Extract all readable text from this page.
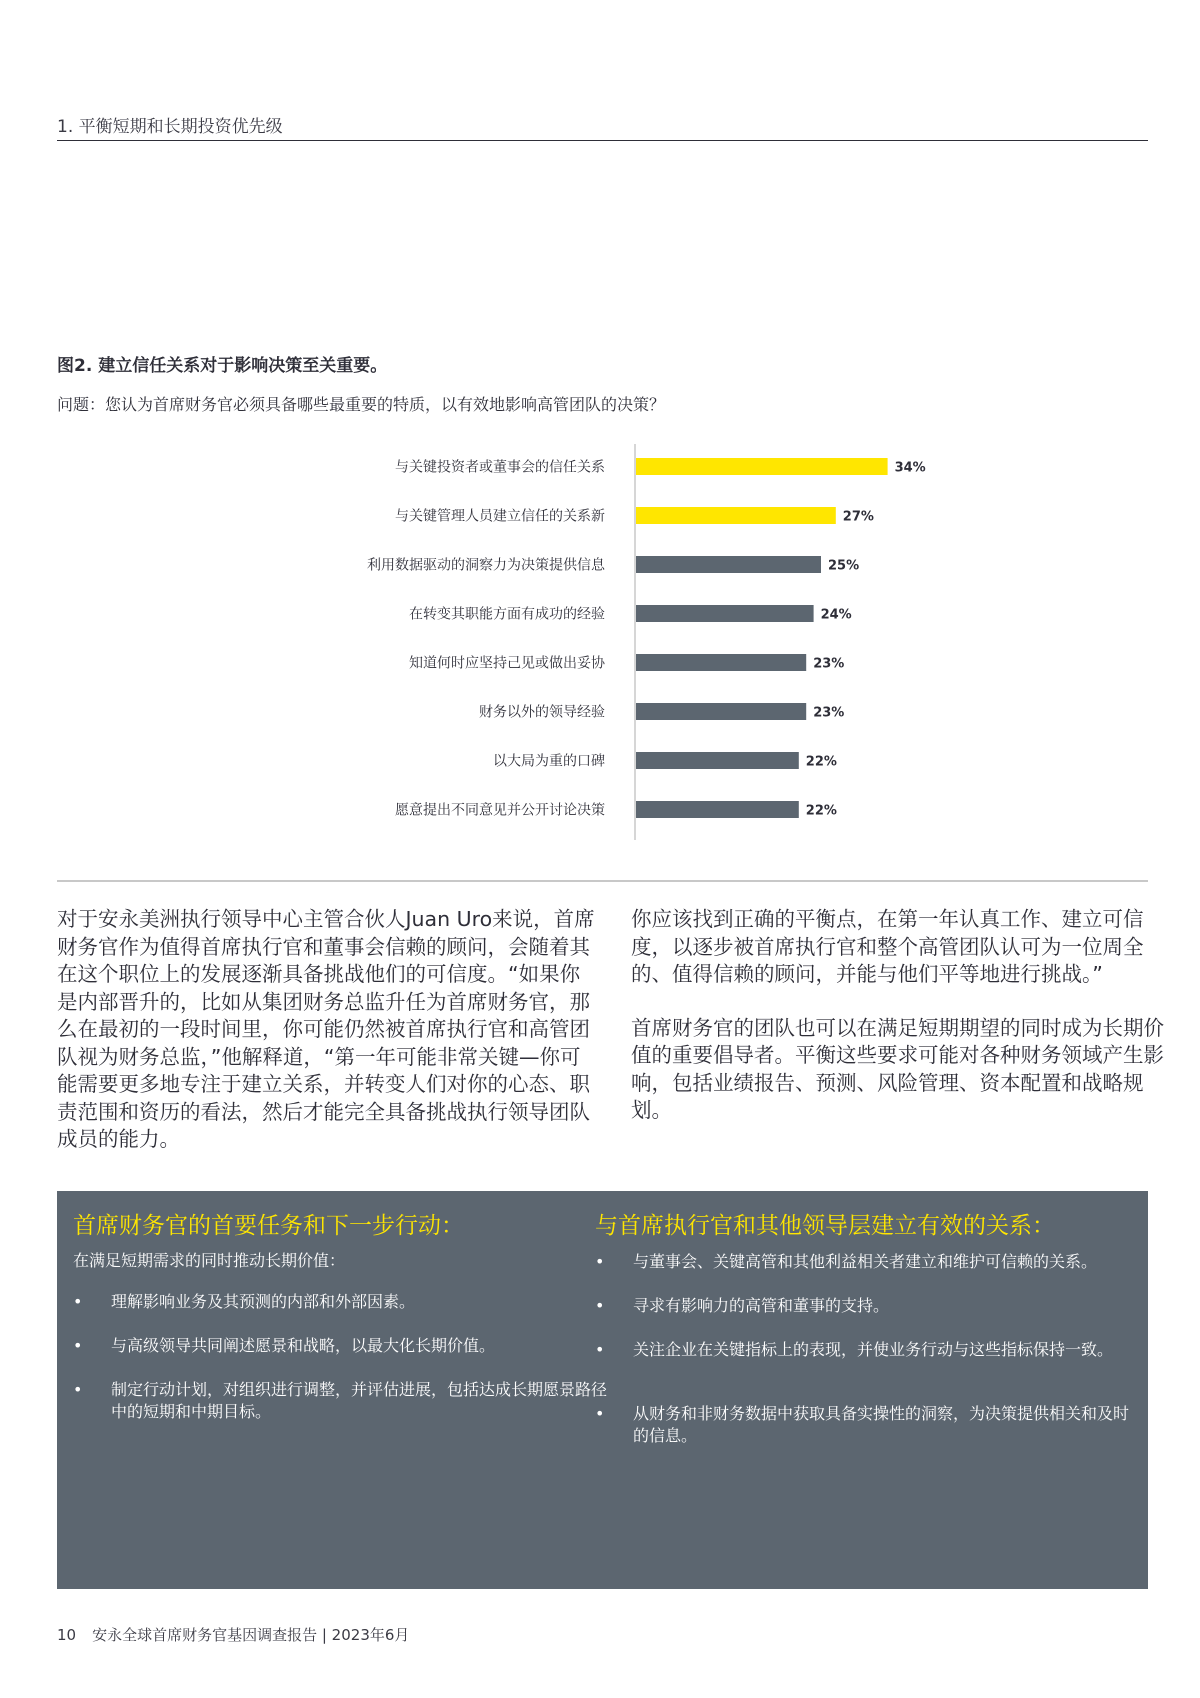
1. 平衡短期和长期投资优先级
图2. 建立信任关系对于影响决策至关重要。
问题：您认为首席财务官必须具备哪些最重要的特质，以有效地影响高管团队的决策？
与关键投资者或董事会的信任关系	34%
与关键管理人员建立信任的关系新	27%
利用数据驱动的洞察力为决策提供信息	25%
在转变其职能方面有成功的经验	24%
知道何时应坚持己见或做出妥协	23%
财务以外的领导经验	23%
以大局为重的口碑	22%
愿意提出不同意见并公开讨论决策	22%

对于安永美洲执行领导中心主管合伙人Juan Uro来说，首席财务官作为值得首席执行官和董事会信赖的顾问，会随着其在这个职位上的发展逐渐具备挑战他们的可信度。“如果你是内部晋升的，比如从集团财务总监升任为首席财务官，那么在最初的一段时间里，你可能仍然被首席执行官和高管团队视为财务总监，”他解释道，“第一年可能非常关键—你可能需要更多地专注于建立关系，并转变人们对你的心态、职责范围和资历的看法，然后才能完全具备挑战执行领导团队成员的能力。

你应该找到正确的平衡点，在第一年认真工作、建立可信度，以逐步被首席执行官和整个高管团队认可为一位周全的、值得信赖的顾问，并能与他们平等地进行挑战。”

首席财务官的团队也可以在满足短期期望的同时成为长期价值的重要倡导者。平衡这些要求可能对各种财务领域产生影响，包括业绩报告、预测、风险管理、资本配置和战略规划。

首席财务官的首要任务和下一步行动：
在满足短期需求的同时推动长期价值：
• 理解影响业务及其预测的内部和外部因素。
• 与高级领导共同阐述愿景和战略，以最大化长期价值。
• 制定行动计划，对组织进行调整，并评估进展，包括达成长期愿景路径中的短期和中期目标。
与首席执行官和其他领导层建立有效的关系：
• 与董事会、关键高管和其他利益相关者建立和维护可信赖的关系。
• 寻求有影响力的高管和董事的支持。
• 关注企业在关键指标上的表现，并使业务行动与这些指标保持一致。
• 从财务和非财务数据中获取具备实操性的洞察，为决策提供相关和及时的信息。
10 安永全球首席财务官基因调查报告 | 2023年6月
